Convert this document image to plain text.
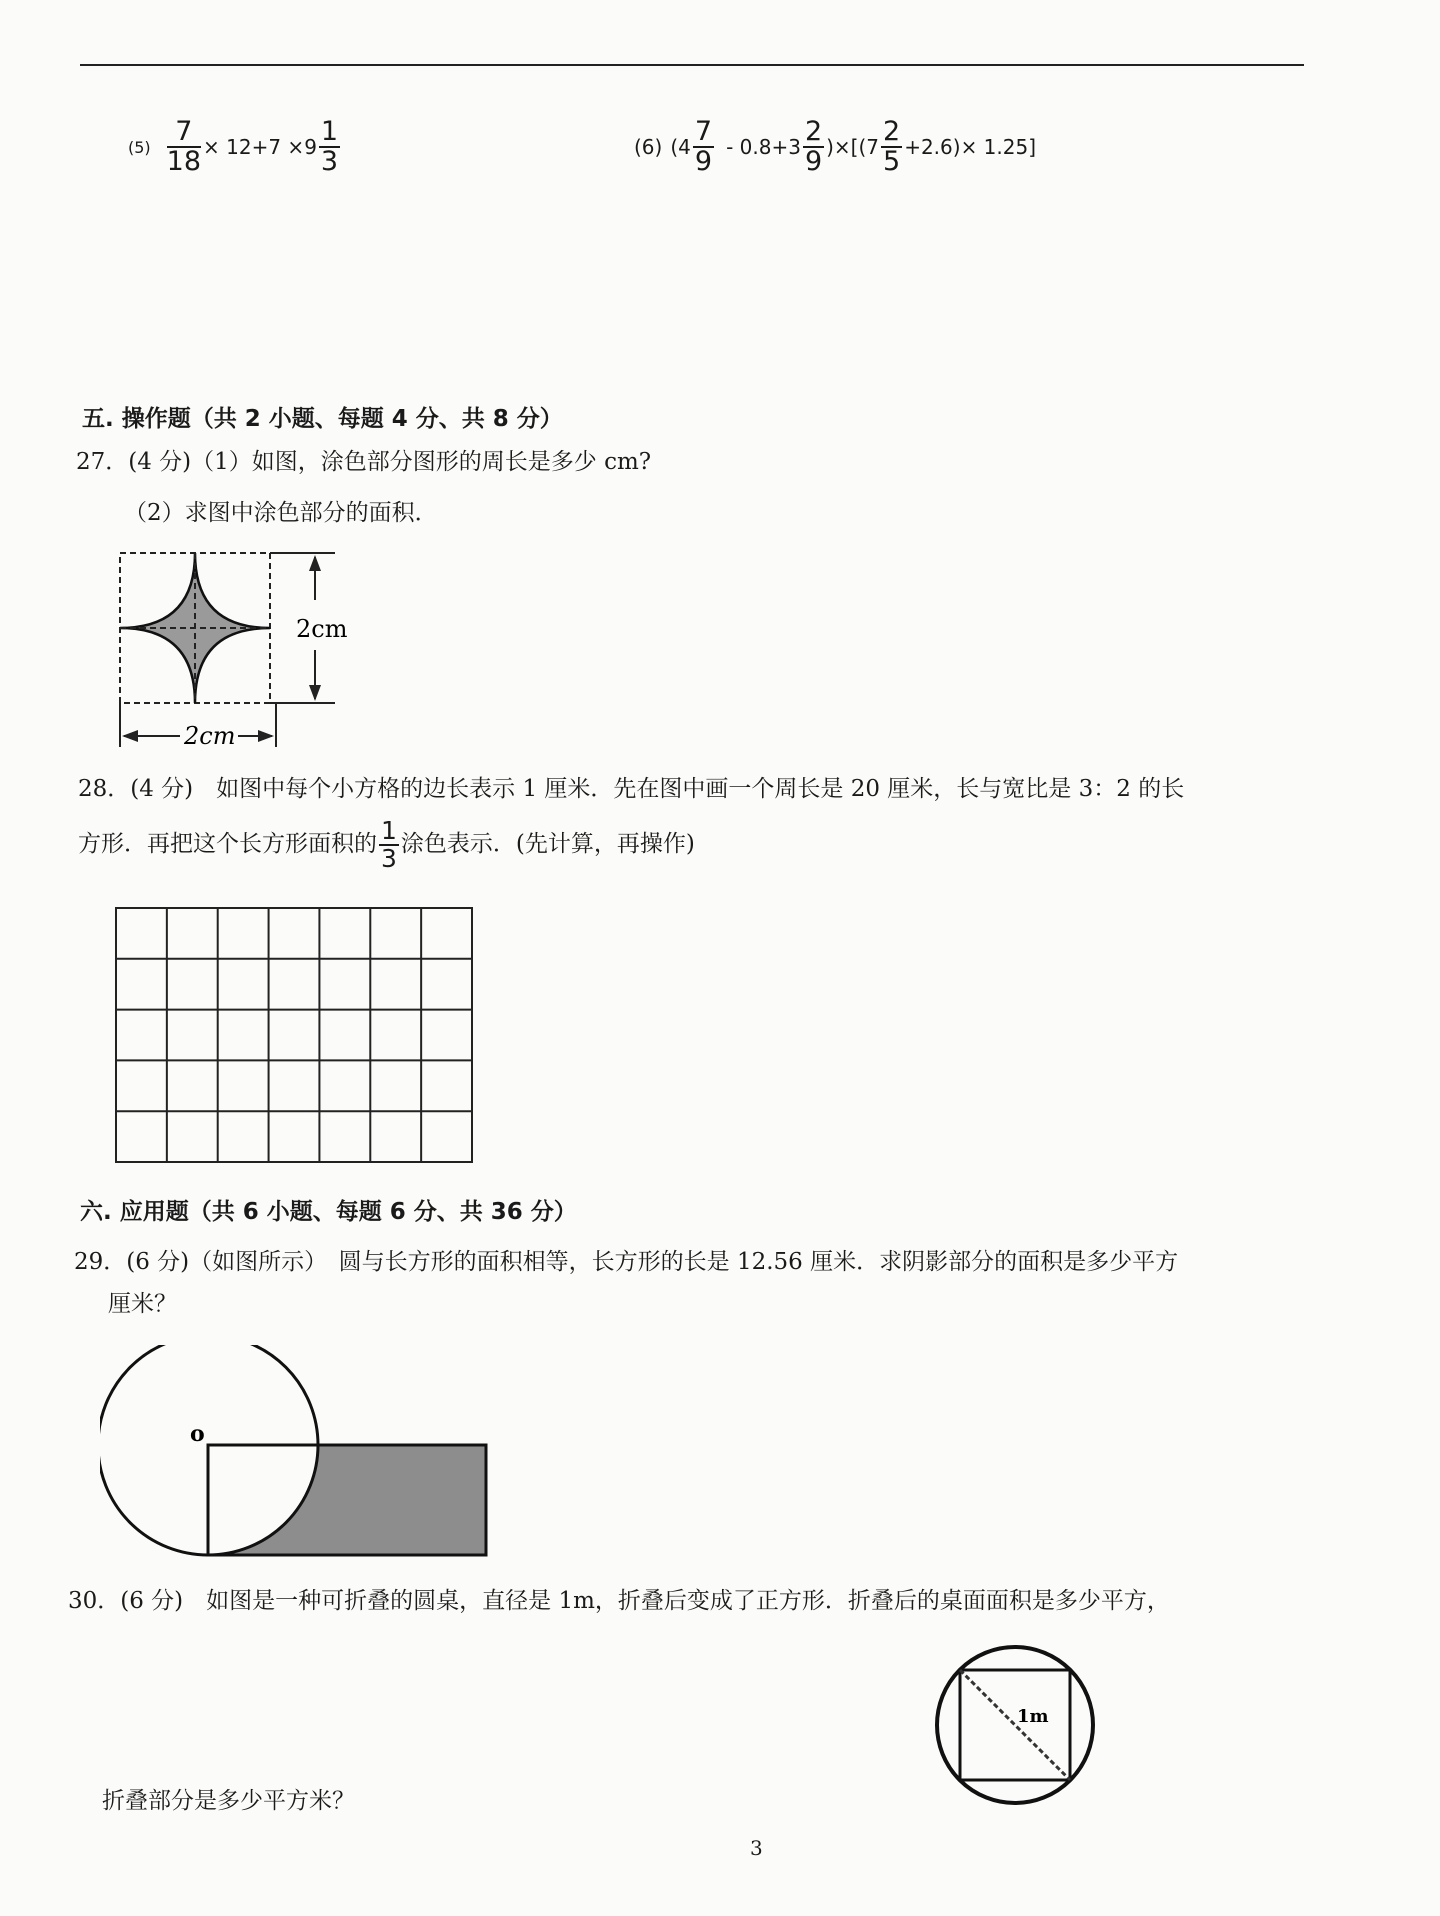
$(5) \frac{7}{18} \times 12+7 \times 9 \frac{1}{3}$	(6) $(4 \frac{7}{9} - 0.8+3 \frac{2}{9} )\times[(7 \frac{2}{5} +2.6)\times 1.25]$
五. 操作题（共 2 小题、每题 4 分、共 8 分）
27．(4 分)（1）如图，涂色部分图形的周长是多少 cm?
（2）求图中涂色部分的面积．
2cm
2cm
28．(4 分)　如图中每个小方格的边长表示 1 厘米．先在图中画一个周长是 20 厘米，长与宽比是 3：2 的长
方形．再把这个长方形面积的 $\frac{1}{3}$ 涂色表示．(先计算，再操作)
六. 应用题（共 6 小题、每题 6 分、共 36 分）
29．(6 分)（如图所示）　圆与长方形的面积相等，长方形的长是 12.56 厘米．求阴影部分的面积是多少平方
厘米？
o
30．(6 分)　如图是一种可折叠的圆桌，直径是 1m，折叠后变成了正方形．折叠后的桌面面积是多少平方，
1m
折叠部分是多少平方米？
3
